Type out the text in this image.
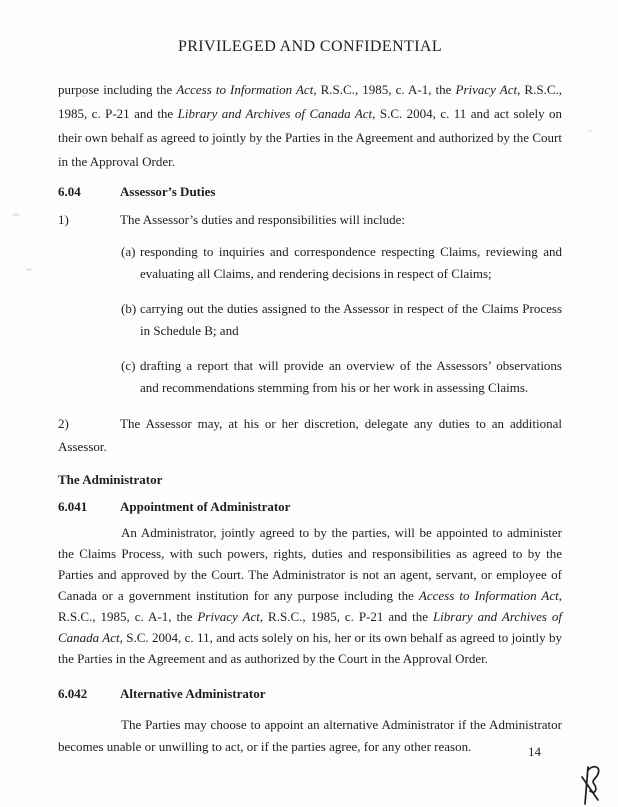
PRIVILEGED AND CONFIDENTIAL

purpose including the Access to Information Act, R.S.C., 1985, c. A-1, the Privacy Act, R.S.C., 1985, c. P-21 and the Library and Archives of Canada Act, S.C. 2004, c. 11 and act solely on their own behalf as agreed to jointly by the Parties in the Agreement and authorized by the Court in the Approval Order.

6.04	Assessor’s Duties

1)	The Assessor’s duties and responsibilities will include:

(a) responding to inquiries and correspondence respecting Claims, reviewing and evaluating all Claims, and rendering decisions in respect of Claims;

(b) carrying out the duties assigned to the Assessor in respect of the Claims Process in Schedule B; and

(c) drafting a report that will provide an overview of the Assessors’ observations and recommendations stemming from his or her work in assessing Claims.

2)	The Assessor may, at his or her discretion, delegate any duties to an additional Assessor.

The Administrator

6.041	Appointment of Administrator

An Administrator, jointly agreed to by the parties, will be appointed to administer the Claims Process, with such powers, rights, duties and responsibilities as agreed to by the Parties and approved by the Court. The Administrator is not an agent, servant, or employee of Canada or a government institution for any purpose including the Access to Information Act, R.S.C., 1985, c. A-1, the Privacy Act, R.S.C., 1985, c. P-21 and the Library and Archives of Canada Act, S.C. 2004, c. 11, and acts solely on his, her or its own behalf as agreed to jointly by the Parties in the Agreement and as authorized by the Court in the Approval Order.

6.042	Alternative Administrator

The Parties may choose to appoint an alternative Administrator if the Administrator becomes unable or unwilling to act, or if the parties agree, for any other reason.	14
